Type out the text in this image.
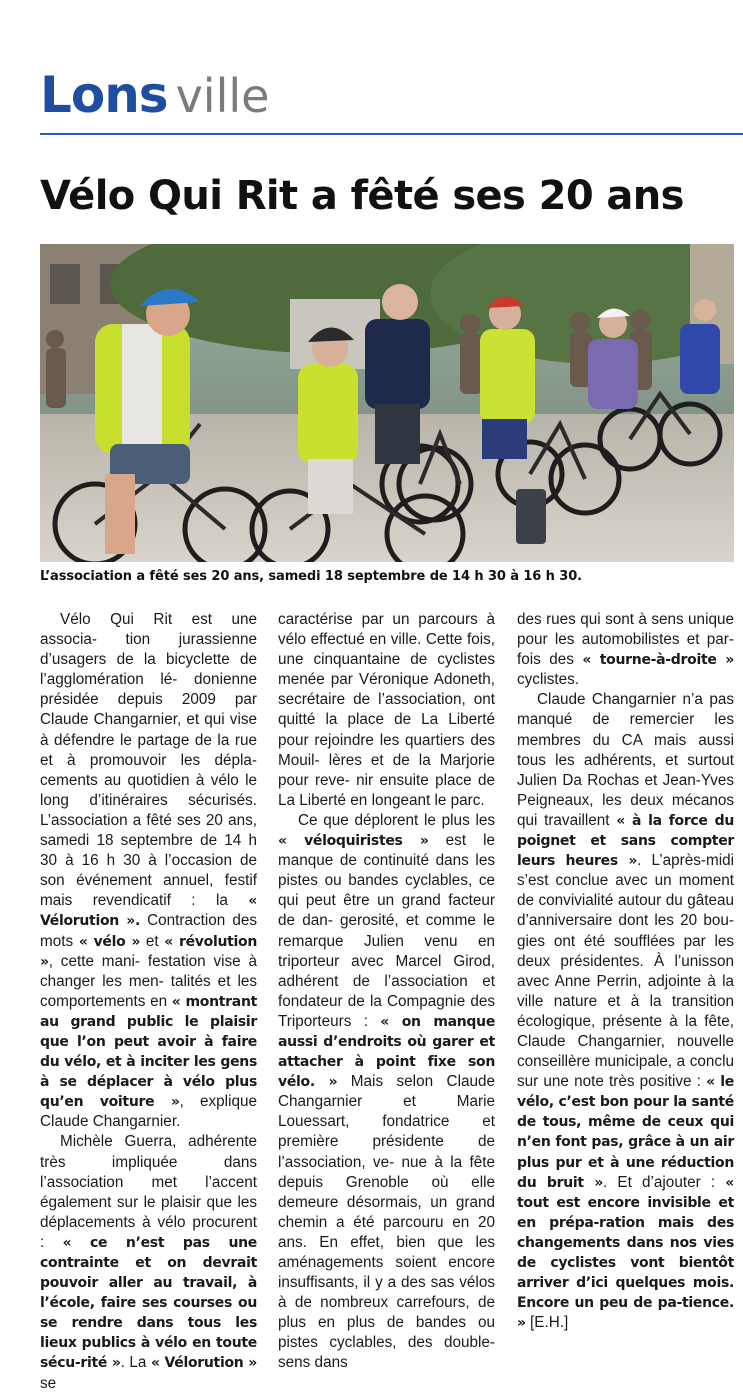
Lons ville
Vélo Qui Rit a fêté ses 20 ans
L’association a fêté ses 20 ans, samedi 18 septembre de 14 h 30 à 16 h 30.

Vélo Qui Rit est une associa- tion jurassienne d’usagers de la bicyclette de l’agglomération lé- donienne présidée depuis 2009 par Claude Changarnier, et qui vise à défendre le partage de la rue et à promouvoir les dépla- cements au quotidien à vélo le long d’itinéraires sécurisés. L’association a fêté ses 20 ans, samedi 18 septembre de 14 h 30 à 16 h 30 à l’occasion de son événement annuel, festif mais revendicatif : la « Vélorution ». Contraction des mots « vélo » et « révolution », cette mani- festation vise à changer les men- talités et les comportements en « montrant au grand public le plaisir que l’on peut avoir à faire du vélo, et à inciter les gens à se déplacer à vélo plus qu’en voiture », explique Claude Changarnier.

Michèle Guerra, adhérente très impliquée dans l’association met l’accent également sur le plaisir que les déplacements à vélo procurent : « ce n’est pas une contrainte et on devrait pouvoir aller au travail, à l’école, faire ses courses ou se rendre dans tous les lieux publics à vélo en toute sécu-rité ». La « Vélorution » se

caractérise par un parcours à vélo effectué en ville. Cette fois, une cinquantaine de cyclistes menée par Véronique Adoneth, secrétaire de l’association, ont quitté la place de La Liberté pour rejoindre les quartiers des Mouil- lères et de la Marjorie pour reve- nir ensuite place de La Liberté en longeant le parc.

Ce que déplorent le plus les « véloquiristes » est le manque de continuité dans les pistes ou bandes cyclables, ce qui peut être un grand facteur de dan- gerosité, et comme le remarque Julien venu en triporteur avec Marcel Girod, adhérent de l’association et fondateur de la Compagnie des Triporteurs : « on manque aussi d’endroits où garer et attacher à point fixe son vélo. » Mais selon Claude Changarnier et Marie Louessart, fondatrice et première présidente de l’association, ve- nue à la fête depuis Grenoble où elle demeure désormais, un grand chemin a été parcouru en 20 ans. En effet, bien que les aménagements soient encore insuffisants, il y a des sas vélos à de nombreux carrefours, de plus en plus de bandes ou pistes cyclables, des double-sens dans

des rues qui sont à sens unique pour les automobilistes et par- fois des « tourne-à-droite » cyclistes.

Claude Changarnier n’a pas manqué de remercier les membres du CA mais aussi tous les adhérents, et surtout Julien Da Rochas et Jean-Yves Peigneaux, les deux mécanos qui travaillent « à la force du poignet et sans compter leurs heures ». L’après-midi s’est conclue avec un moment de convivialité autour du gâteau d’anniversaire dont les 20 bou- gies ont été soufflées par les deux présidentes. À l’unisson avec Anne Perrin, adjointe à la ville nature et à la transition écologique, présente à la fête, Claude Changarnier, nouvelle conseillère municipale, a conclu sur une note très positive : « le vélo, c’est bon pour la santé de tous, même de ceux qui n’en font pas, grâce à un air plus pur et à une réduction du bruit ». Et d’ajouter : « tout est encore invisible et en prépa-ration mais des changements dans nos vies de cyclistes vont bientôt arriver d’ici quelques mois. Encore un peu de pa-tience. » [E.H.]
